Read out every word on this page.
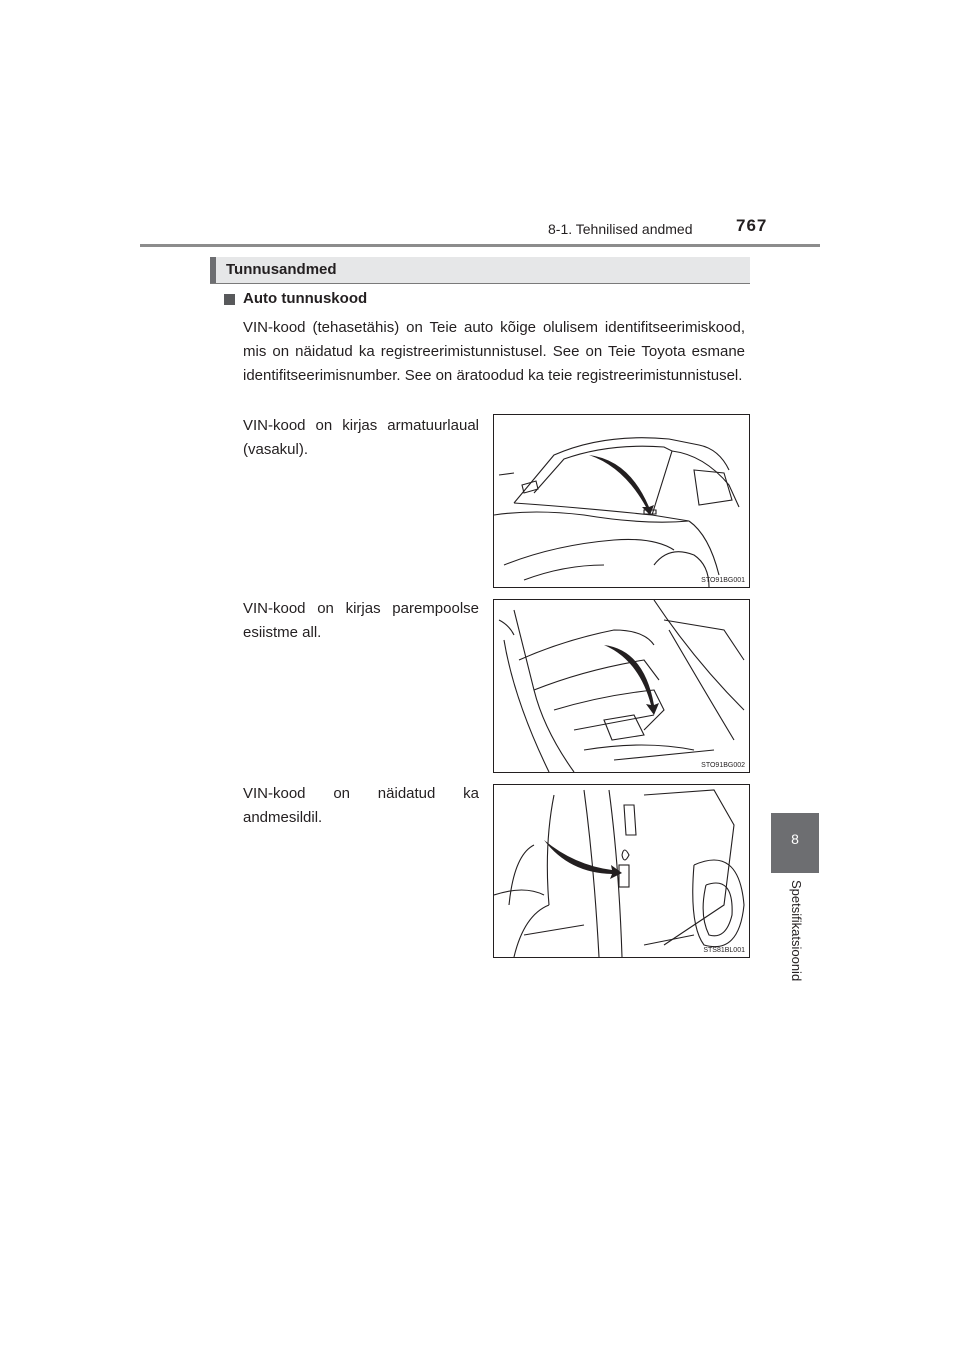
8-1. Tehnilised andmed	767
Tunnusandmed
Auto tunnuskood
VIN-kood (tehasetähis) on Teie auto kõige olulisem identifitseerimiskood, mis on näidatud ka registreerimistunnistusel. See on Teie Toyota esmane identifitseerimisnumber. See on äratoodud ka teie registreerimistunnistusel.
VIN-kood on kirjas armatuurlaual (vasakul).
VIN-kood on kirjas parempoolse esiistme all.
VIN-kood on näidatud ka andmesildil.
STO91BG001
STO91BG002
STS81BL001
8
Spetsifikatsioonid
